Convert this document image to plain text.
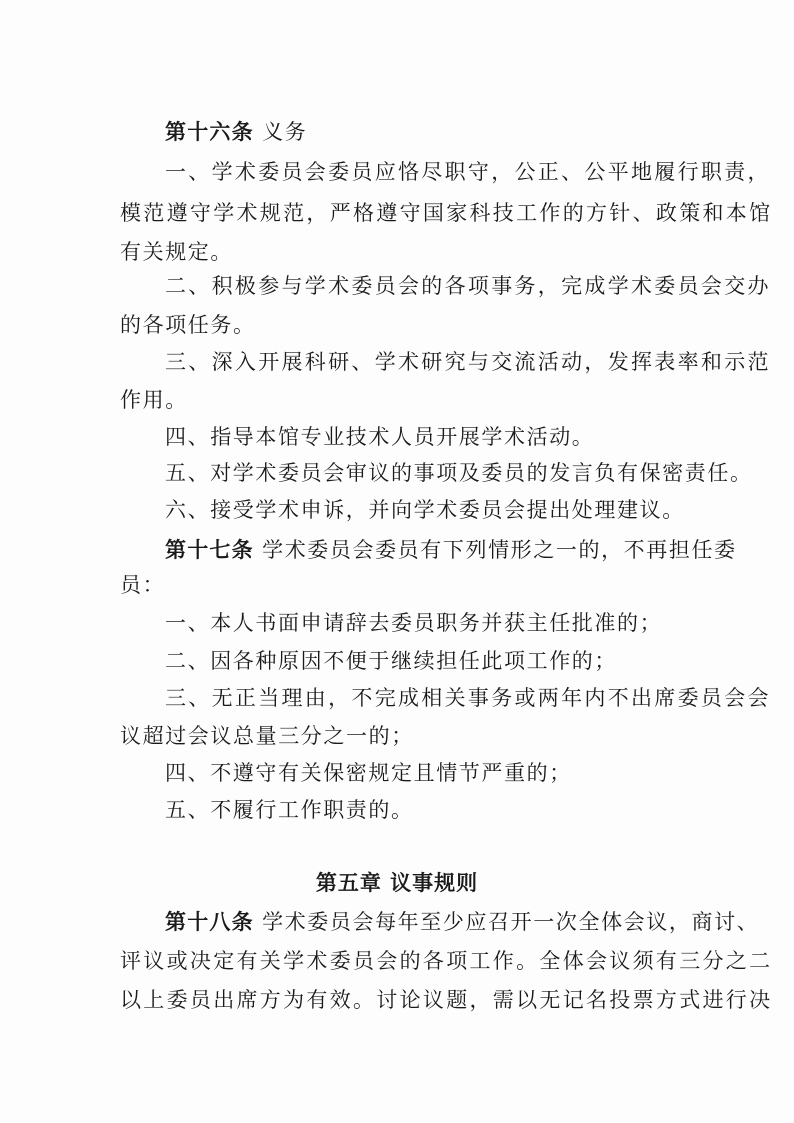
第十六条 义务
一、学术委员会委员应恪尽职守，公正、公平地履行职责，
模范遵守学术规范，严格遵守国家科技工作的方针、政策和本馆
有关规定。
二、积极参与学术委员会的各项事务，完成学术委员会交办
的各项任务。
三、深入开展科研、学术研究与交流活动，发挥表率和示范
作用。
四、指导本馆专业技术人员开展学术活动。
五、对学术委员会审议的事项及委员的发言负有保密责任。
六、接受学术申诉，并向学术委员会提出处理建议。
第十七条 学术委员会委员有下列情形之一的，不再担任委
员：
一、本人书面申请辞去委员职务并获主任批准的；
二、因各种原因不便于继续担任此项工作的；
三、无正当理由，不完成相关事务或两年内不出席委员会会
议超过会议总量三分之一的；
四、不遵守有关保密规定且情节严重的；
五、不履行工作职责的。
第五章 议事规则
第十八条 学术委员会每年至少应召开一次全体会议，商讨、
评议或决定有关学术委员会的各项工作。全体会议须有三分之二
以上委员出席方为有效。讨论议题，需以无记名投票方式进行决
